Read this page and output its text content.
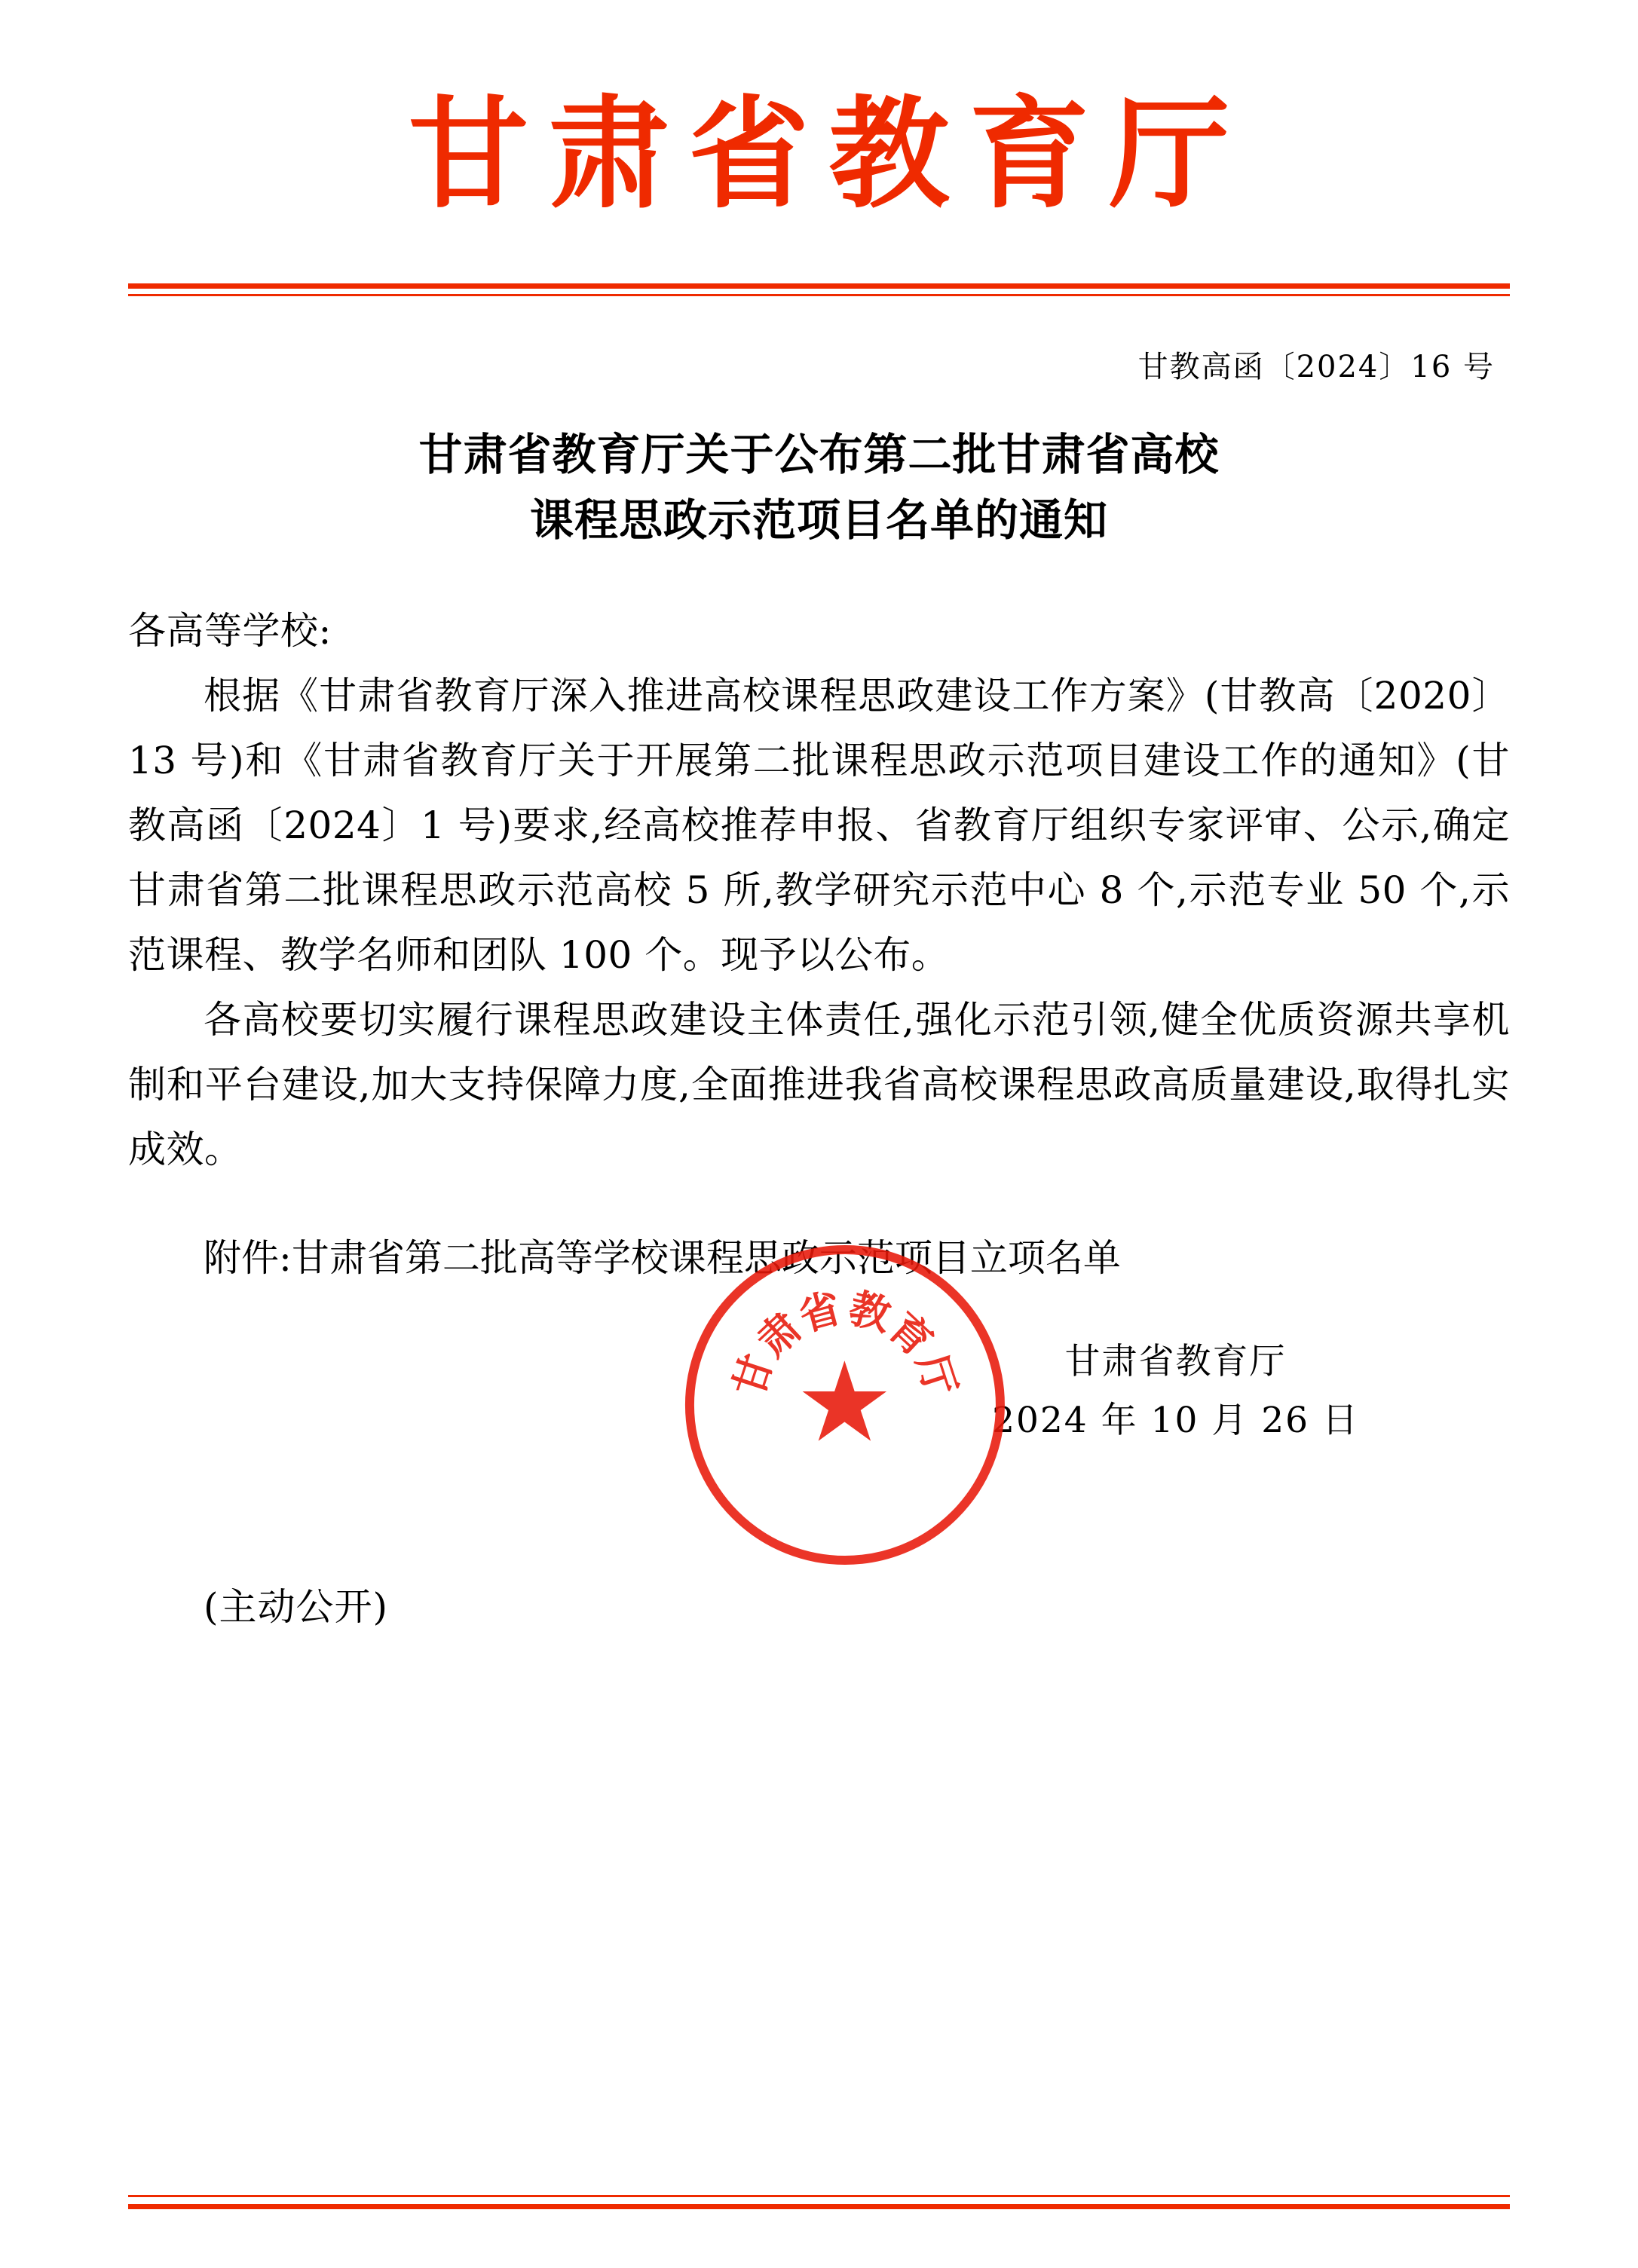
甘肃省教育厅
甘教高函〔2024〕16 号
甘肃省教育厅关于公布第二批甘肃省高校
课程思政示范项目名单的通知

各高等学校:

根据《甘肃省教育厅深入推进高校课程思政建设工作方案》(甘教高〔2020〕13 号)和《甘肃省教育厅关于开展第二批课程思政示范项目建设工作的通知》(甘教高函〔2024〕1 号)要求,经高校推荐申报、省教育厅组织专家评审、公示,确定甘肃省第二批课程思政示范高校 5 所,教学研究示范中心 8 个,示范专业 50 个,示范课程、教学名师和团队 100 个。现予以公布。

各高校要切实履行课程思政建设主体责任,强化示范引领,健全优质资源共享机制和平台建设,加大支持保障力度,全面推进我省高校课程思政高质量建设,取得扎实成效。

附件:甘肃省第二批高等学校课程思政示范项目立项名单
甘
肃
省
教
育
厅
★	甘肃省教育厅
2024 年 10 月 26 日
(主动公开)
